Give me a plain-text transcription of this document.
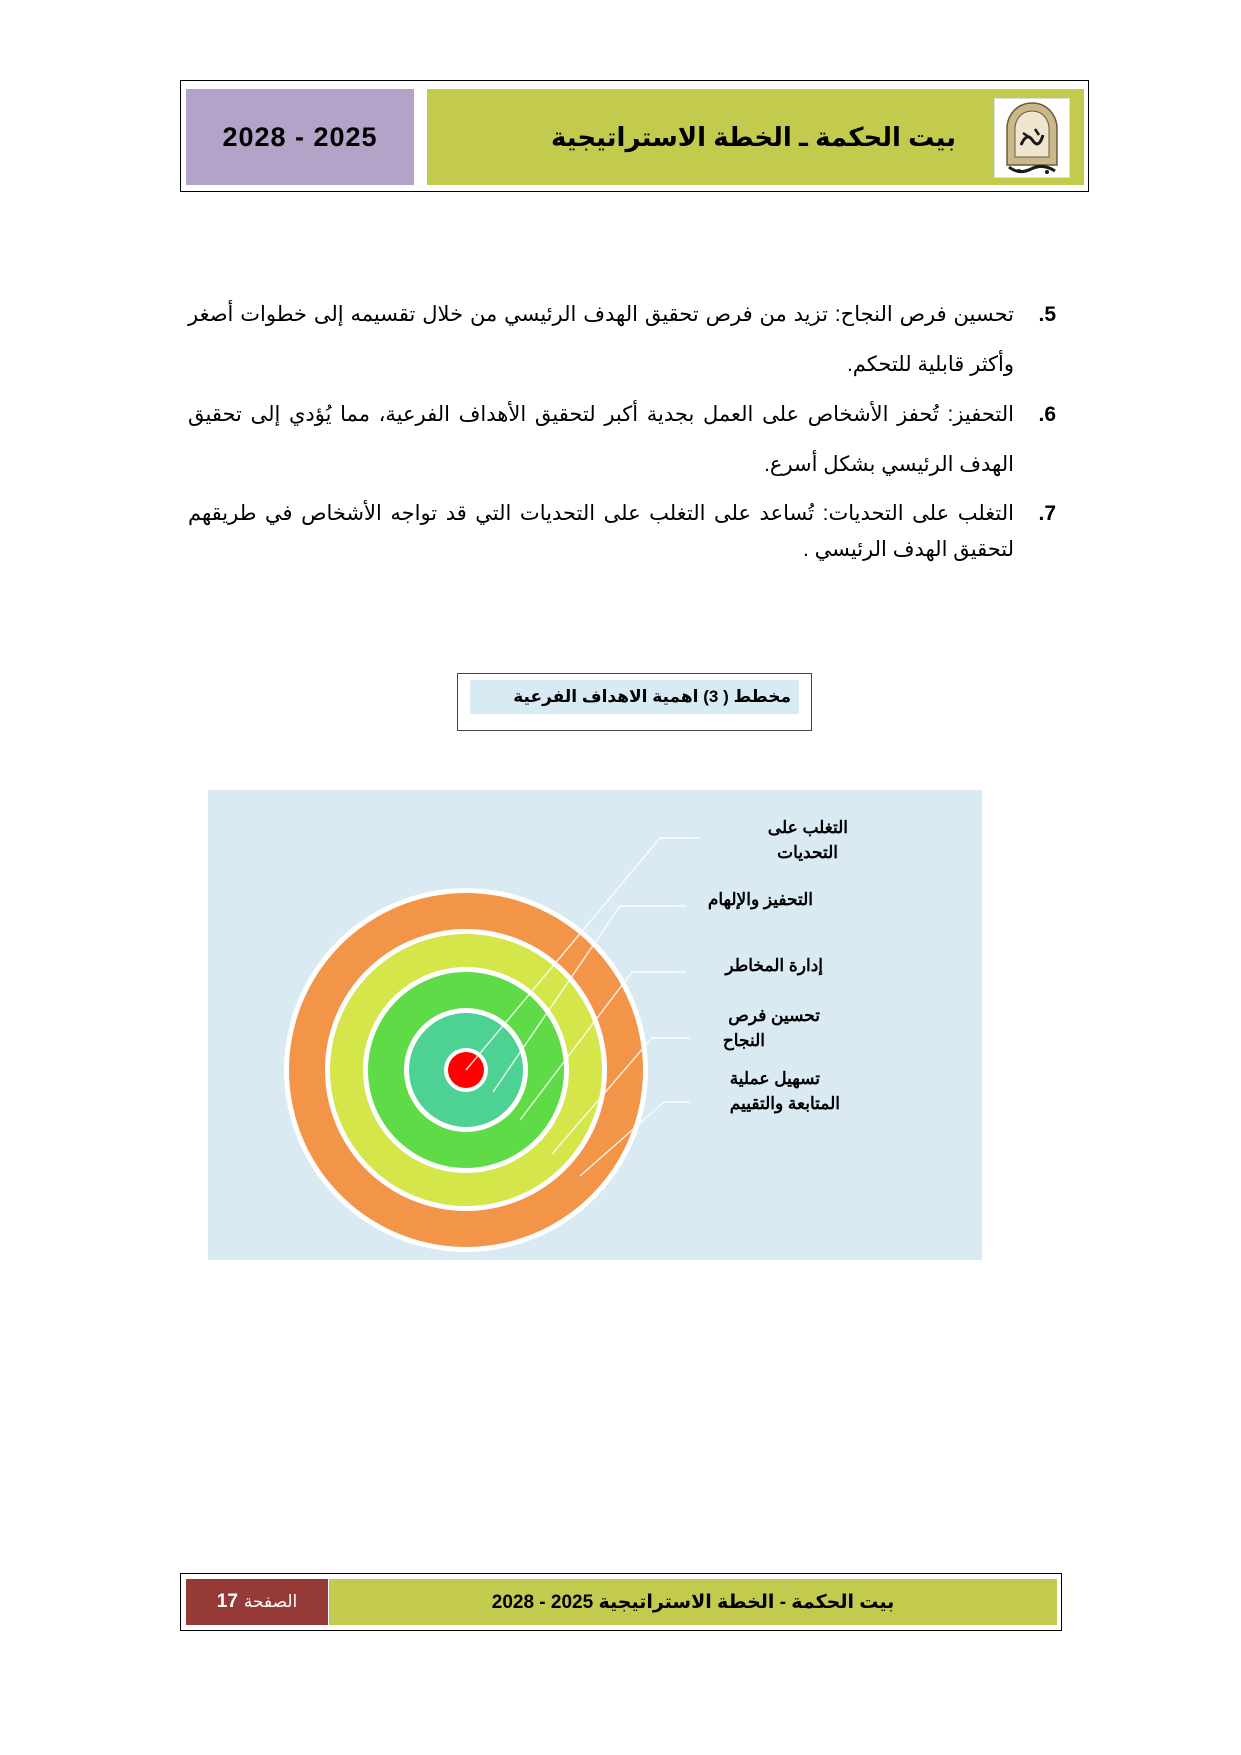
2028 - 2025	بيت الحكمة ـ الخطة الاستراتيجية
.5
تحسين فرص النجاح: تزيد من فرص تحقيق الهدف الرئيسي من خلال تقسيمه إلى خطوات أصغر وأكثر قابلية للتحكم.
.6
التحفيز: تُحفز الأشخاص على العمل بجدية أكبر لتحقيق الأهداف الفرعية، مما يُؤدي إلى تحقيق الهدف الرئيسي بشكل أسرع.
.7
التغلب على التحديات: تُساعد على التغلب على التحديات التي قد تواجه الأشخاص في طريقهم لتحقيق الهدف الرئيسي .
مخطط ( 3) اهمية الاهداف الفرعية
التغلب على
التحديات
التحفيز والإلهام
إدارة المخاطر
تحسين فرص
النجاح
تسهيل عملية
المتابعة والتقييم
الصفحة
17	بيت الحكمة - الخطة الاستراتيجية 2025 - 2028
